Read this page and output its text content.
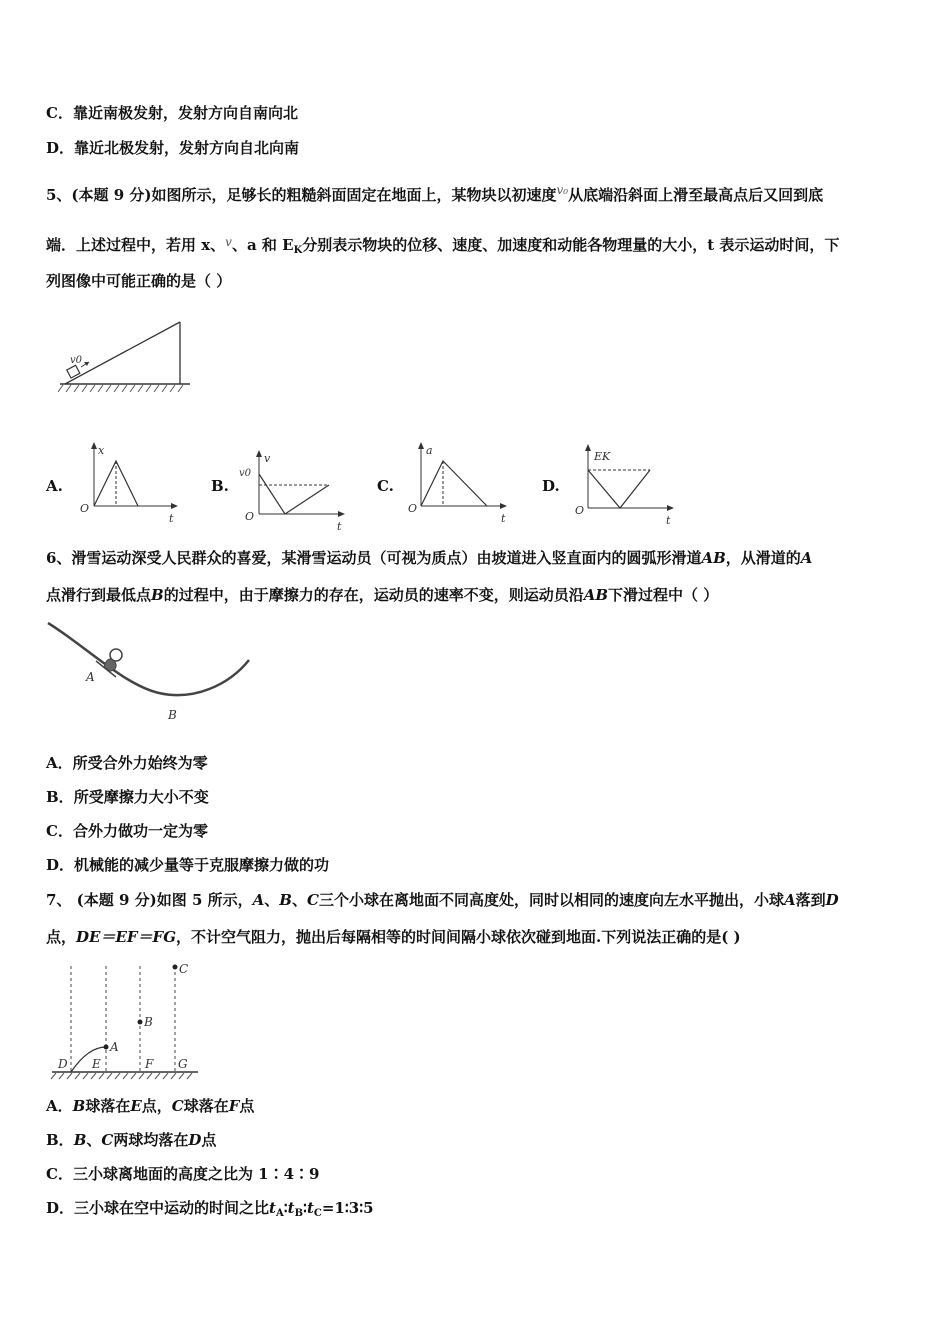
C．靠近南极发射，发射方向自南向北
D．靠近北极发射，发射方向自北向南
5、(本题 9 分)如图所示，足够长的粗糙斜面固定在地面上，某物块以初速度$^{v_0}$从底端沿斜面上滑至最高点后又回到底
端．上述过程中，若用 x、$^v$、a 和 $E_K$分别表示物块的位移、速度、加速度和动能各物理量的大小，t 表示运动时间，下
列图像中可能正确的是（ ）
v0
A.
x
O
t
B.
v
v0
O
t
C.
a
O
t
D.
EK
O
t
6、滑雪运动深受人民群众的喜爱，某滑雪运动员（可视为质点）由坡道进入竖直面内的圆弧形滑道AB，从滑道的A
点滑行到最低点B的过程中，由于摩擦力的存在，运动员的速率不变，则运动员沿AB下滑过程中（ ）
A
B
A．所受合外力始终为零
B．所受摩擦力大小不变
C．合外力做功一定为零
D．机械能的减少量等于克服摩擦力做的功
7、 (本题 9 分)如图 5 所示，A、B、C三个小球在离地面不同高度处，同时以相同的速度向左水平抛出，小球A落到D
点，DE＝EF＝FG，不计空气阻力，抛出后每隔相等的时间间隔小球依次碰到地面.下列说法正确的是( )
A
B
C
D E	F G
A．B球落在E点，C球落在F点
B．B、C两球均落在D点
C．三小球离地面的高度之比为 1∶4∶9
D．三小球在空中运动的时间之比$t_A∶t_B∶t_C=1∶3∶5$
